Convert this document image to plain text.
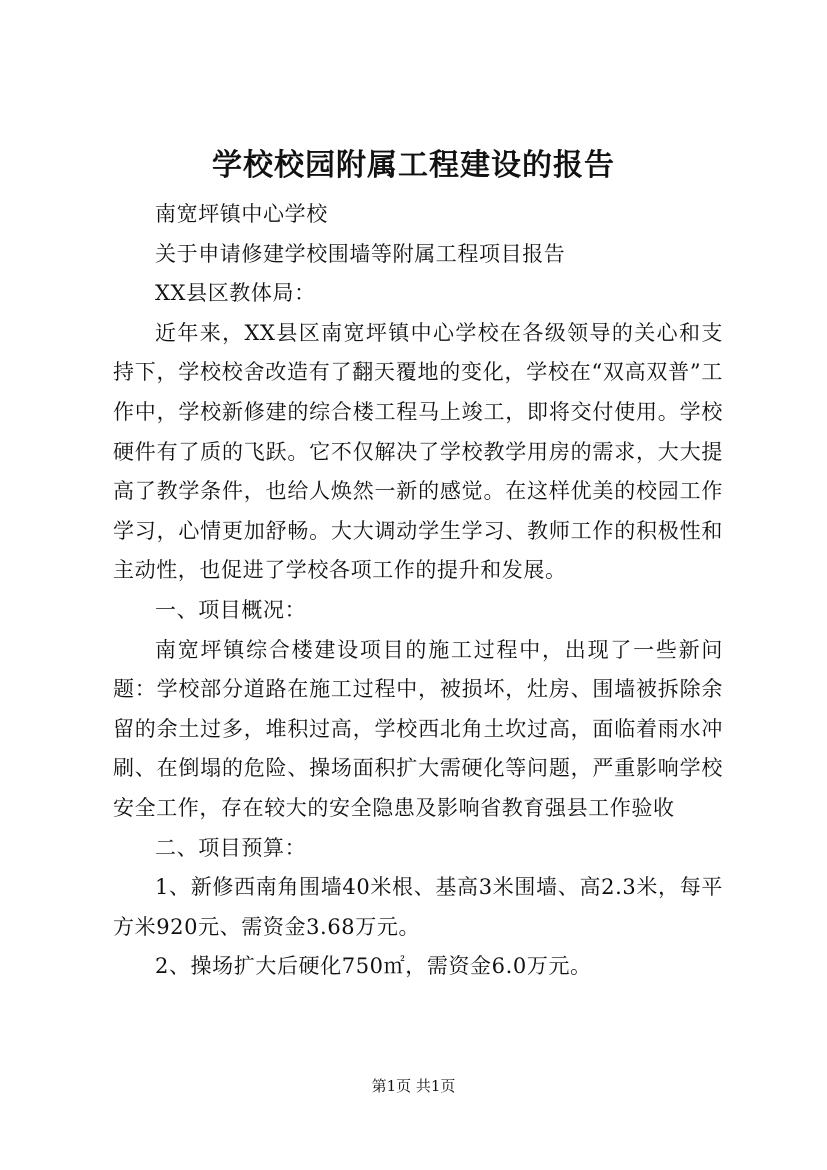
学校校园附属工程建设的报告

南宽坪镇中心学校

关于申请修建学校围墙等附属工程项目报告

XX县区教体局：

近年来，XX县区南宽坪镇中心学校在各级领导的关心和支持下，学校校舍改造有了翻天覆地的变化，学校在“双高双普”工作中，学校新修建的综合楼工程马上竣工，即将交付使用。学校硬件有了质的飞跃。它不仅解决了学校教学用房的需求，大大提高了教学条件，也给人焕然一新的感觉。在这样优美的校园工作学习，心情更加舒畅。大大调动学生学习、教师工作的积极性和主动性，也促进了学校各项工作的提升和发展。

一、项目概况：

南宽坪镇综合楼建设项目的施工过程中，出现了一些新问题：学校部分道路在施工过程中，被损坏，灶房、围墙被拆除余留的余土过多，堆积过高，学校西北角土坎过高，面临着雨水冲刷、在倒塌的危险、操场面积扩大需硬化等问题，严重影响学校安全工作，存在较大的安全隐患及影响省教育强县工作验收

二、项目预算：

1、新修西南角围墙40米根、基高3米围墙、高2.3米，每平方米920元、需资金3.68万元。

2、操场扩大后硬化750㎡，需资金6.0万元。

第1页 共1页
